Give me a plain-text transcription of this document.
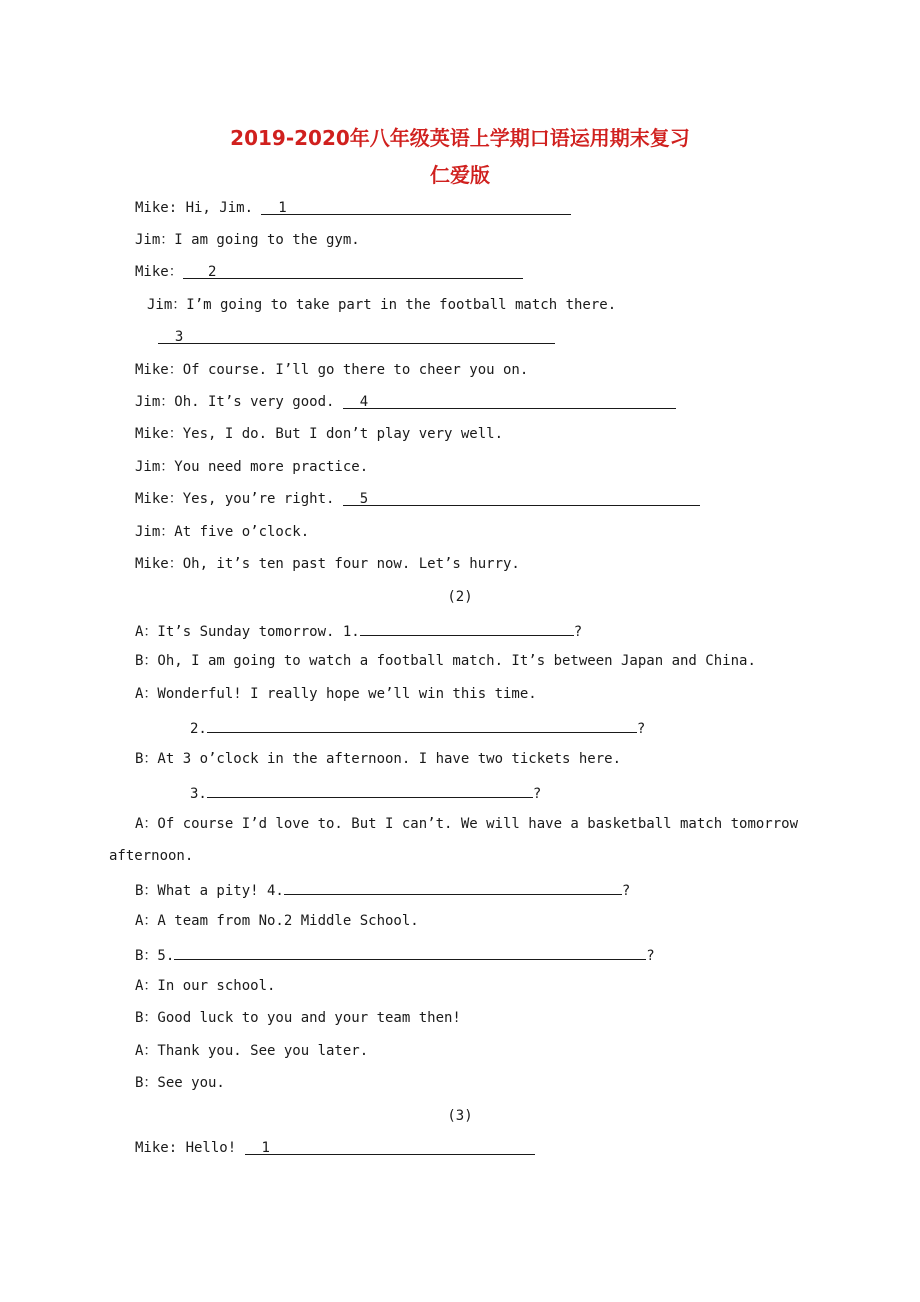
2019-2020年八年级英语上学期口语运用期末复习
仁爱版
Mike: Hi, Jim.   1
Jim：I am going to the gym.
Mike： 2
Jim：I’m going to take part in the football match there.
3
Mike：Of course. I’ll go there to cheer you on.
Jim：Oh. It’s very good.   4
Mike：Yes, I do. But I don’t play very well.
Jim：You need more practice.
Mike：Yes, you’re right.   5
Jim：At five o’clock.
Mike：Oh, it’s ten past four now. Let’s hurry.
(2)
A：It’s Sunday tomorrow. 1.	?
B：Oh, I am going to watch a football match. It’s between Japan and China.
A：Wonderful! I really hope we’ll win this time.
2.	?
B：At 3 o’clock in the afternoon. I have two tickets here.
3.	?
A：Of course I’d love to. But I can’t. We will have a basketball match tomorrow
afternoon.
B：What a pity! 4.	?
A：A team from No.2 Middle School.
B：5.	?
A：In our school.
B：Good luck to you and your team then!
A：Thank you. See you later.
B：See you.
(3)
Mike: Hello!   1
